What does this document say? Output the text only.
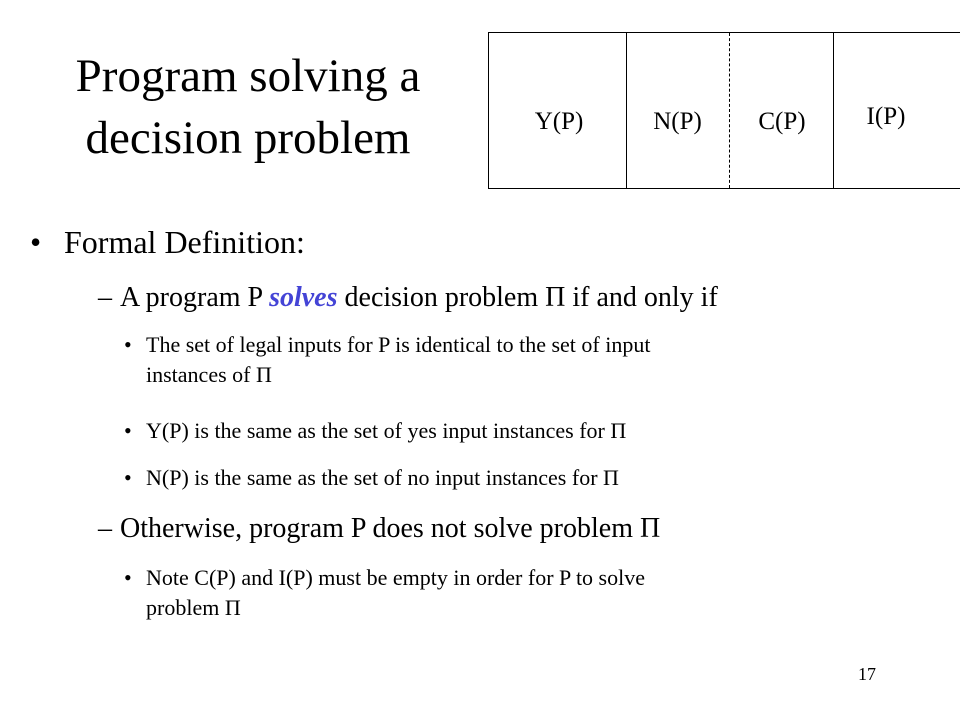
Program solving a
decision problem	Y(P)	N(P)	C(P)	I(P)
• Formal Definition:
– A program P solves decision problem Π if and only if
• The set of legal inputs for P is identical to the set of input
instances of Π
• Y(P) is the same as the set of yes input instances for Π
• N(P) is the same as the set of no input instances for Π
– Otherwise, program P does not solve problem Π
• Note C(P) and I(P) must be empty in order for P to solve
problem Π
17
